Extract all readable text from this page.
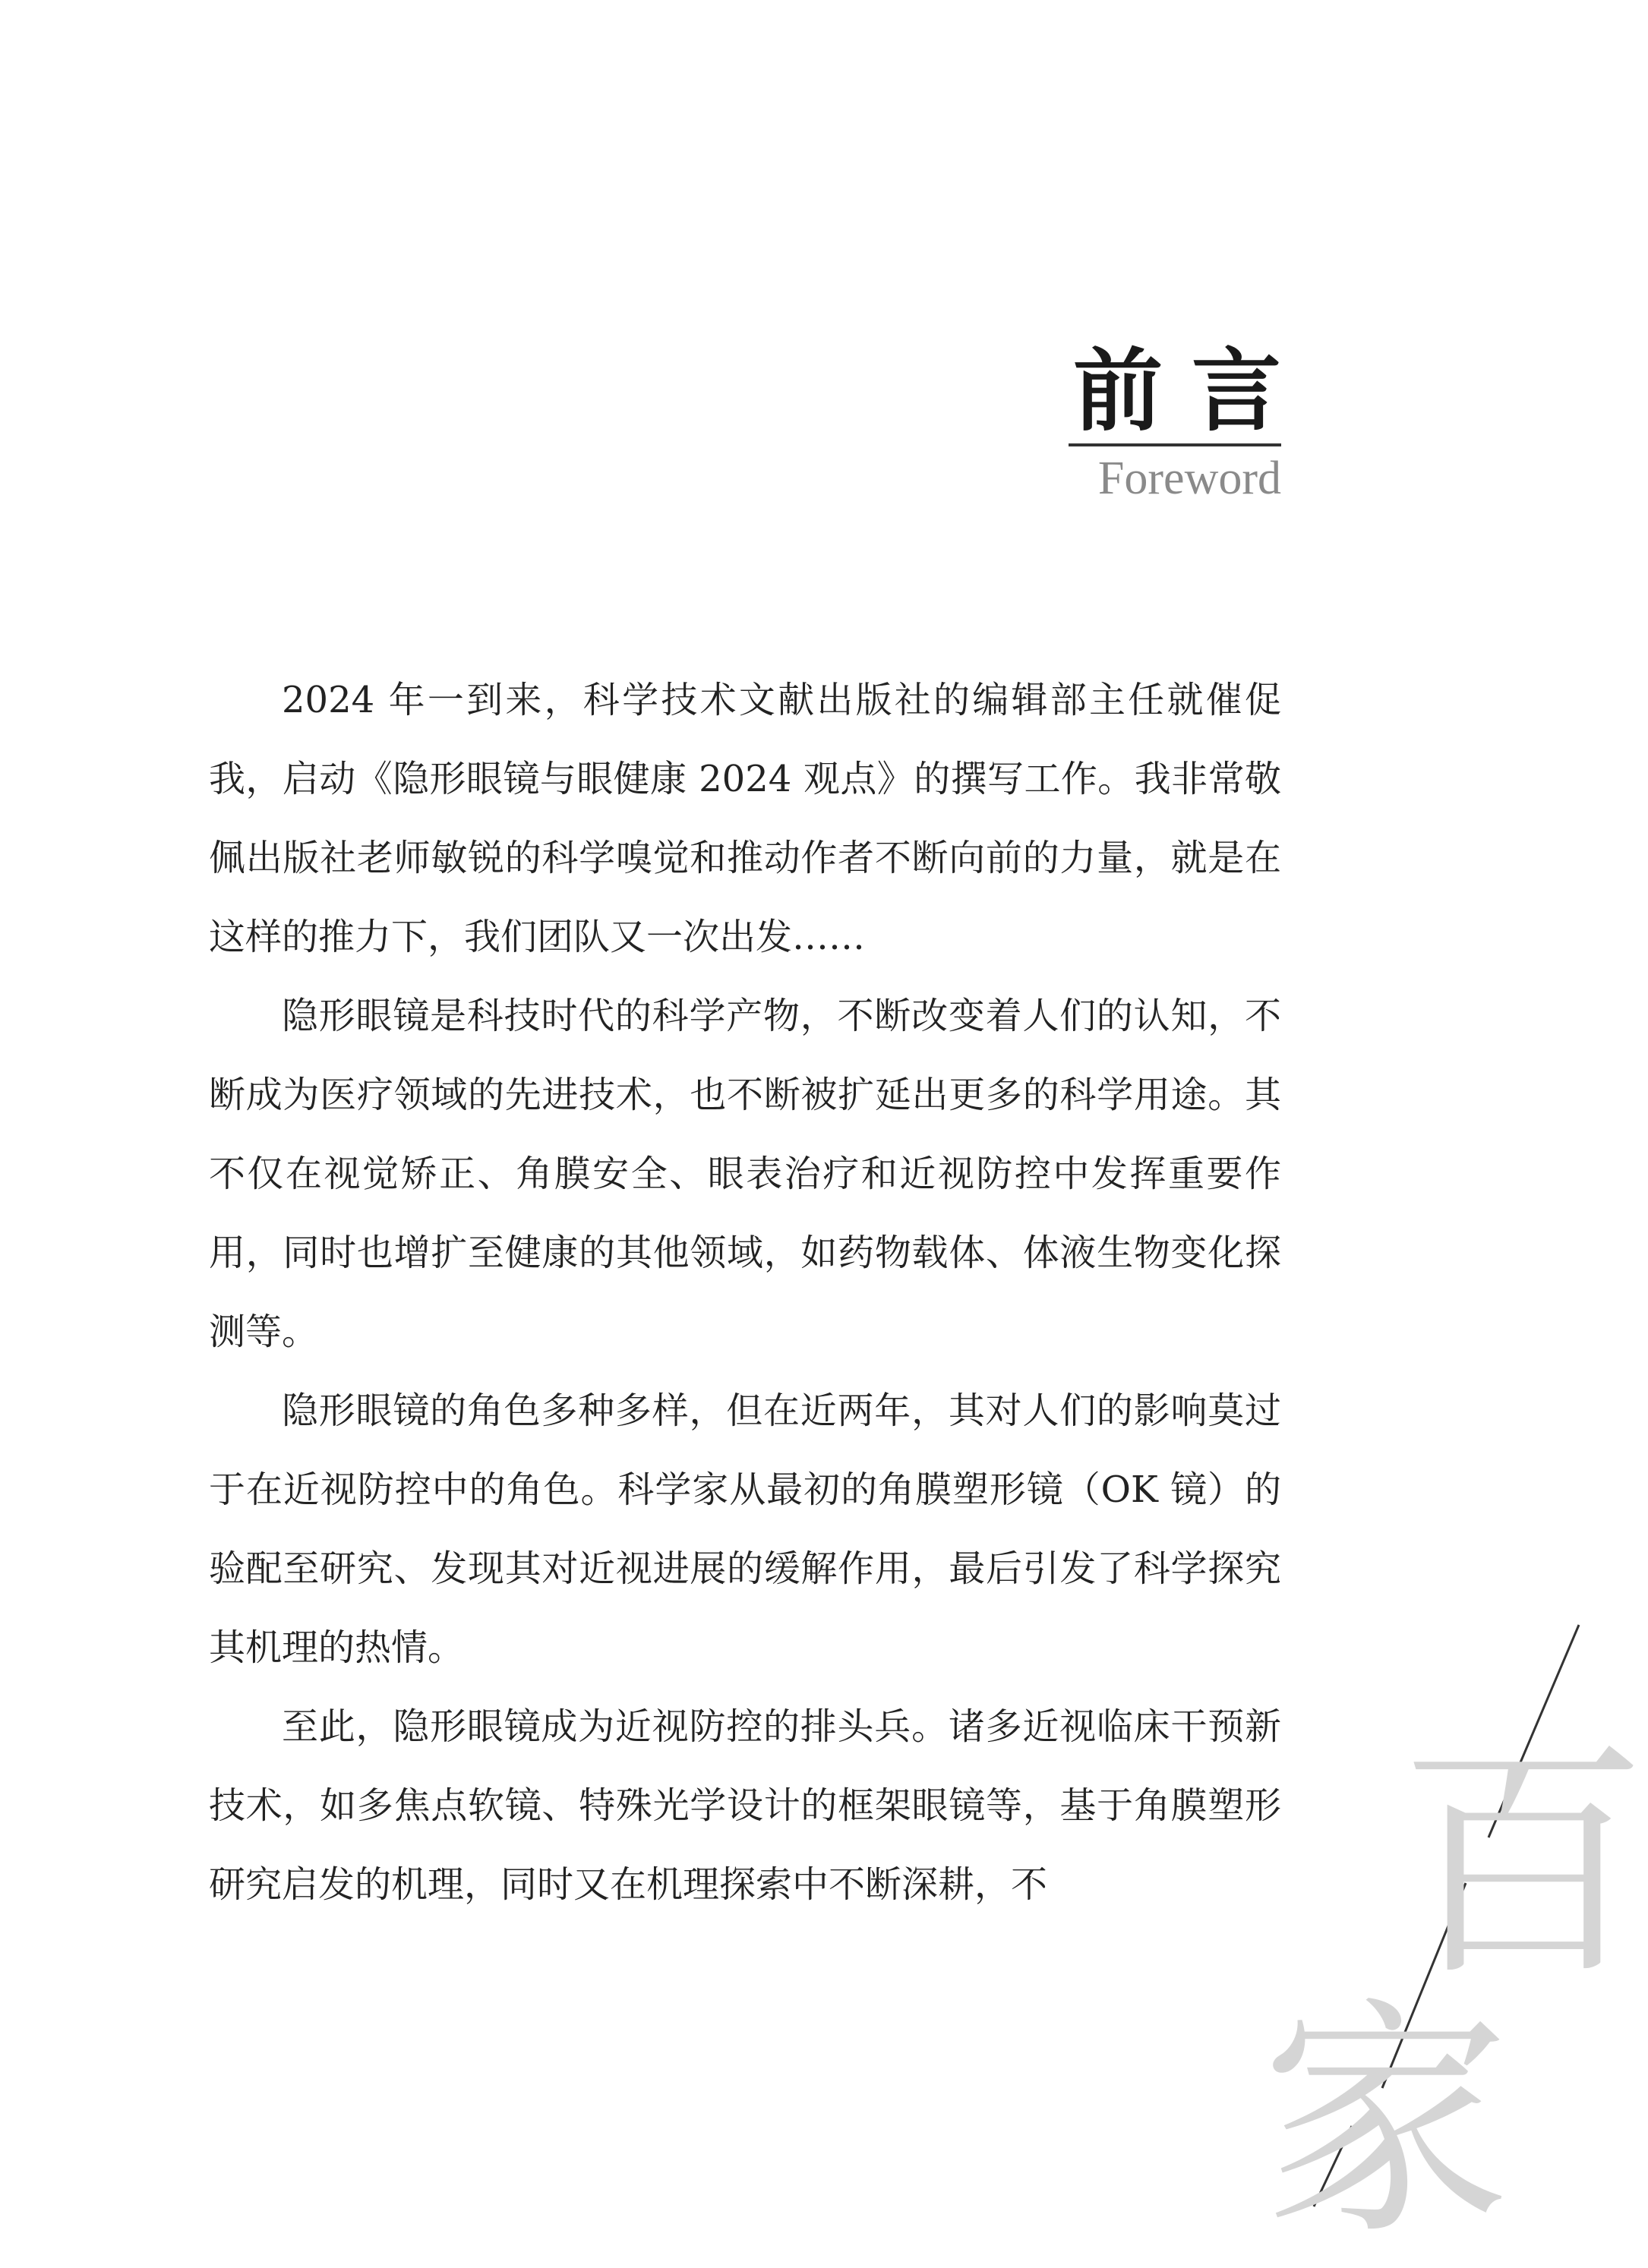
前言
Foreword

2024 年一到来，科学技术文献出版社的编辑部主任就催促我，启动《隐形眼镜与眼健康 2024 观点》的撰写工作。我非常敬佩出版社老师敏锐的科学嗅觉和推动作者不断向前的力量，就是在这样的推力下，我们团队又一次出发……

隐形眼镜是科技时代的科学产物，不断改变着人们的认知，不断成为医疗领域的先进技术，也不断被扩延出更多的科学用途。其不仅在视觉矫正、角膜安全、眼表治疗和近视防控中发挥重要作用，同时也增扩至健康的其他领域，如药物载体、体液生物变化探测等。

隐形眼镜的角色多种多样，但在近两年，其对人们的影响莫过于在近视防控中的角色。科学家从最初的角膜塑形镜（OK 镜）的验配至研究、发现其对近视进展的缓解作用，最后引发了科学探究其机理的热情。

至此，隐形眼镜成为近视防控的排头兵。诸多近视临床干预新技术，如多焦点软镜、特殊光学设计的框架眼镜等，基于角膜塑形研究启发的机理，同时又在机理探索中不断深耕，不	百
家
